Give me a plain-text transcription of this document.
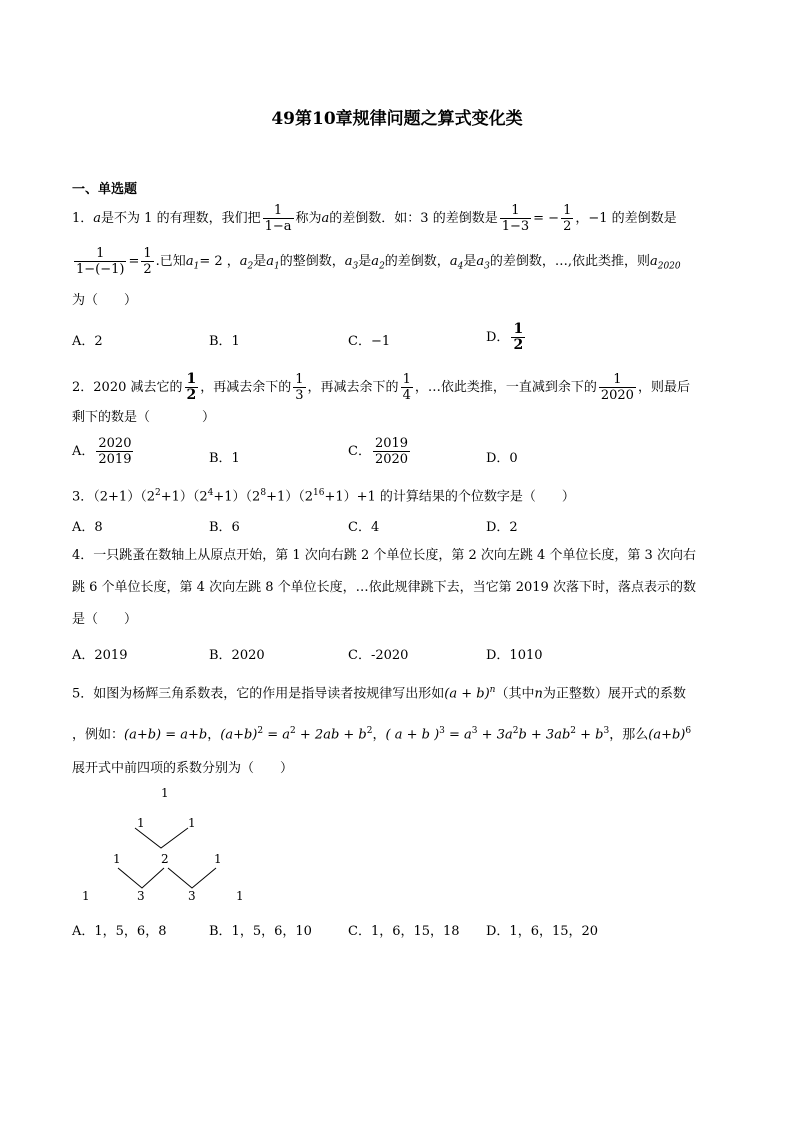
49第10章规律问题之算式变化类
一、单选题
1．a是不为 1 的有理数，我们把 $\frac{1}{1-a}$ 称为a的差倒数．如：3 的差倒数是 $\frac{1}{1-3}$ = − $\frac{1}{2}$ ，−1 的差倒数是
$\frac{1}{1-(-1)} = \frac{1}{2}$ .已知$a_1= 2$ ，$a_2$是$a_1$的整倒数，$a_3$是$a_2$的差倒数，$a_4$是$a_3$的差倒数，…,依此类推，则$a_{2020}$
为（　　）
A．2	B．1	C．−1	D． $\frac{1}{2}$
2．2020 减去它的 $\frac{1}{2}$ ，再减去余下的 $\frac{1}{3}$ ，再减去余下的 $\frac{1}{4}$ ，…依此类推，一直减到余下的 $\frac{1}{2020}$ ，则最后
剩下的数是（　　　　）
A． $\frac{2020}{2019}$	B．1	C． $\frac{2019}{2020}$	D．0
3．$(2+1)(2^2+1)(2^4+1)(2^8+1)(2^{16}+1)+1$ 的计算结果的个位数字是（　　）
A．8	B．6	C．4	D．2
4．一只跳蚤在数轴上从原点开始，第 1 次向右跳 2 个单位长度，第 2 次向左跳 4 个单位长度，第 3 次向右
跳 6 个单位长度，第 4 次向左跳 8 个单位长度，…依此规律跳下去，当它第 2019 次落下时，落点表示的数
是（　　）
A．2019	B．2020	C．-2020	D．1010
5．如图为杨辉三角系数表，它的作用是指导读者按规律写出形如$(a + b)^n$（其中n为正整数）展开式的系数
，例如：(a+b) = a+b，$(a+b)^2 = a^2 + 2ab + b^2$，( a + b )$^3 = a^3 + 3a^2b + 3ab^2 + b^3$，那么$(a+b)^6$
展开式中前四项的系数分别为（　　）
1
1	1
1	2	1
1	3	3	1
A．1，5，6，8	B．1，5，6，10	C．1，6，15，18 D．1，6，15，20
